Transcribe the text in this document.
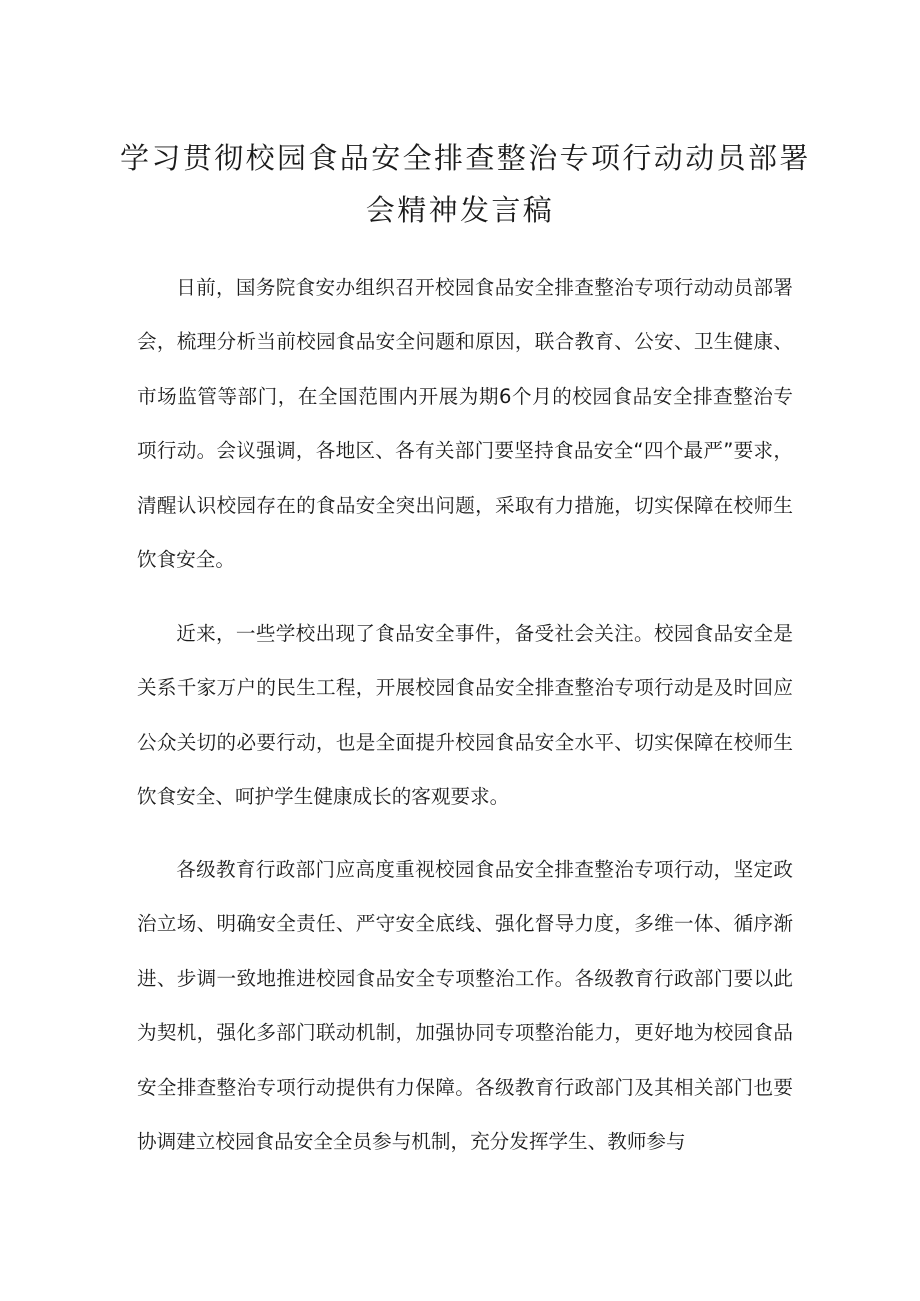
学习贯彻校园食品安全排查整治专项行动动员部署
会精神发言稿

日前，国务院食安办组织召开校园食品安全排查整治专项行动动员部署会，梳理分析当前校园食品安全问题和原因，联合教育、公安、卫生健康、市场监管等部门，在全国范围内开展为期6个月的校园食品安全排查整治专项行动。会议强调，各地区、各有关部门要坚持食品安全“四个最严”要求，清醒认识校园存在的食品安全突出问题，采取有力措施，切实保障在校师生饮食安全。

近来，一些学校出现了食品安全事件，备受社会关注。校园食品安全是关系千家万户的民生工程，开展校园食品安全排查整治专项行动是及时回应公众关切的必要行动，也是全面提升校园食品安全水平、切实保障在校师生饮食安全、呵护学生健康成长的客观要求。

各级教育行政部门应高度重视校园食品安全排查整治专项行动，坚定政治立场、明确安全责任、严守安全底线、强化督导力度，多维一体、循序渐进、步调一致地推进校园食品安全专项整治工作。各级教育行政部门要以此为契机，强化多部门联动机制，加强协同专项整治能力，更好地为校园食品安全排查整治专项行动提供有力保障。各级教育行政部门及其相关部门也要协调建立校园食品安全全员参与机制，充分发挥学生、教师参与
